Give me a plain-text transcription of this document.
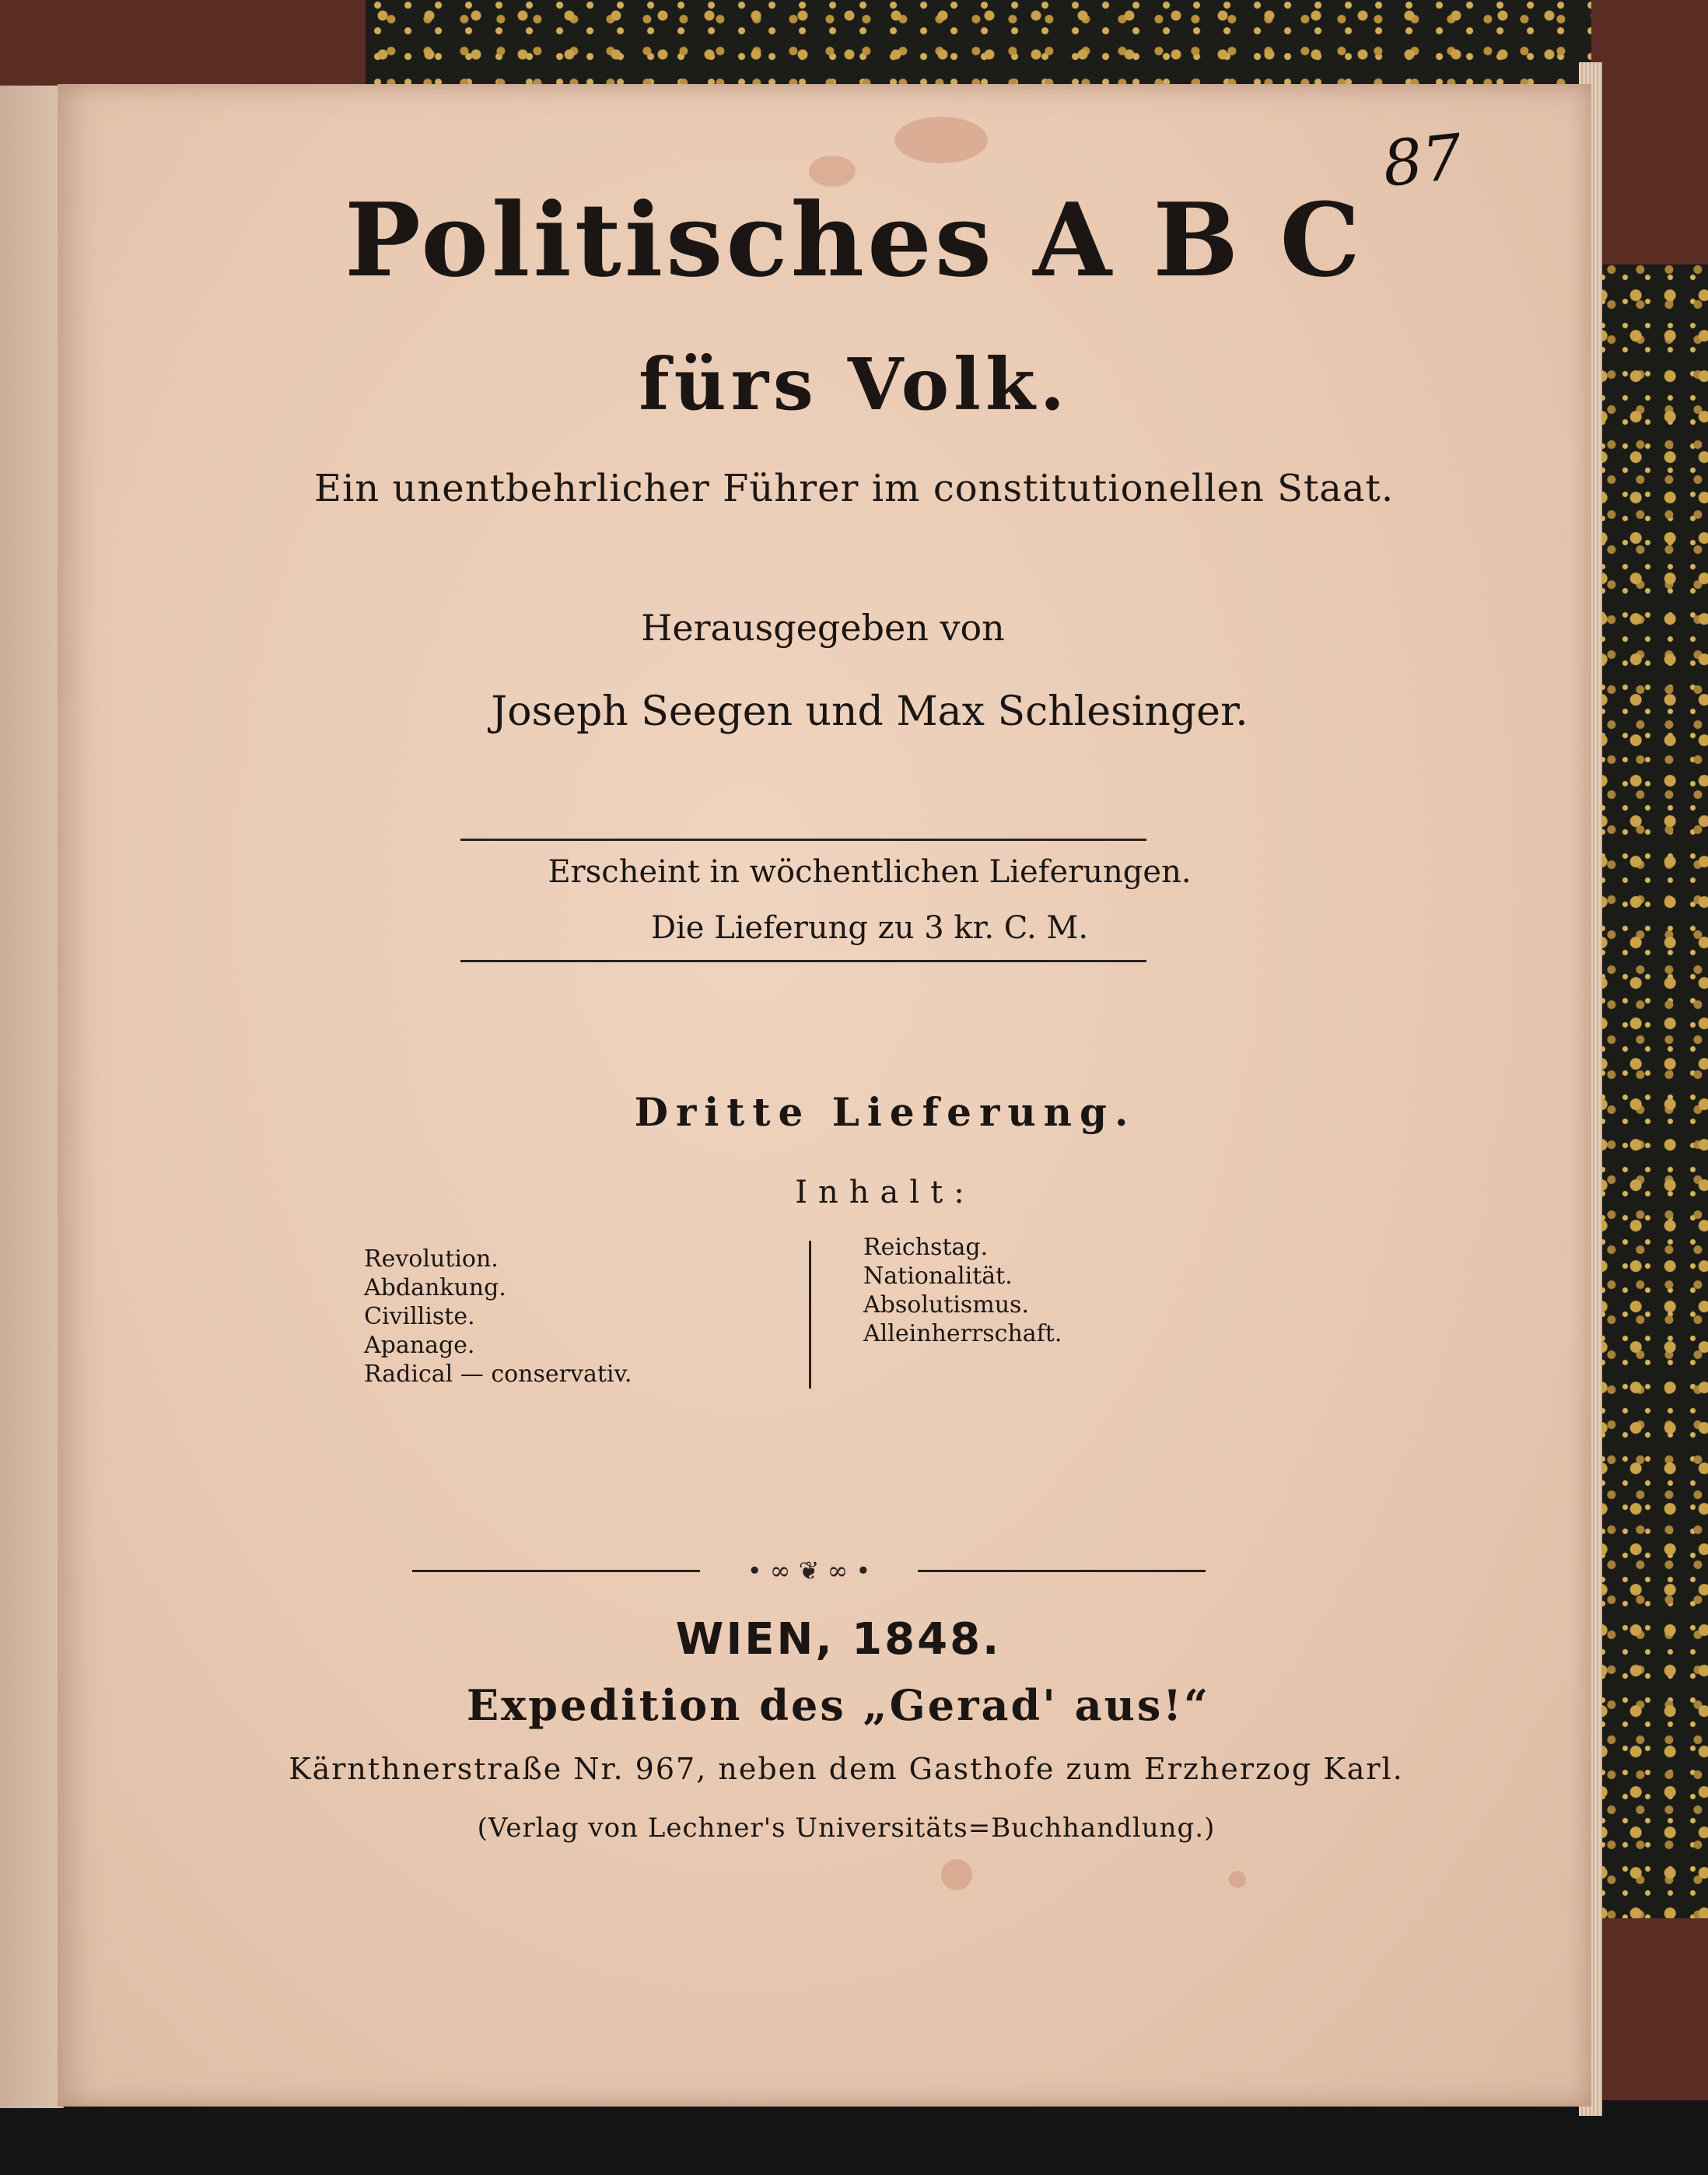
87

Politisches A B C

fürs Volk.

Ein unentbehrlicher Führer im constitutionellen Staat.

Herausgegeben von

Joseph Seegen und Max Schlesinger.

Erscheint in wöchentlichen Lieferungen.

Die Lieferung zu 3 kr. C. M.

Dritte Lieferung.

Inhalt:

Revolution.
Abdankung.
Civilliste.
Apanage.
Radical — conservativ.
Reichstag.
Nationalität.
Absolutismus.
Alleinherrschaft.
• ∞ ❦ ∞ •

WIEN, 1848.

Expedition des „Gerad' aus!“

Kärnthnerstraße Nr. 967, neben dem Gasthofe zum Erzherzog Karl.

(Verlag von Lechner's Universitäts=Buchhandlung.)
